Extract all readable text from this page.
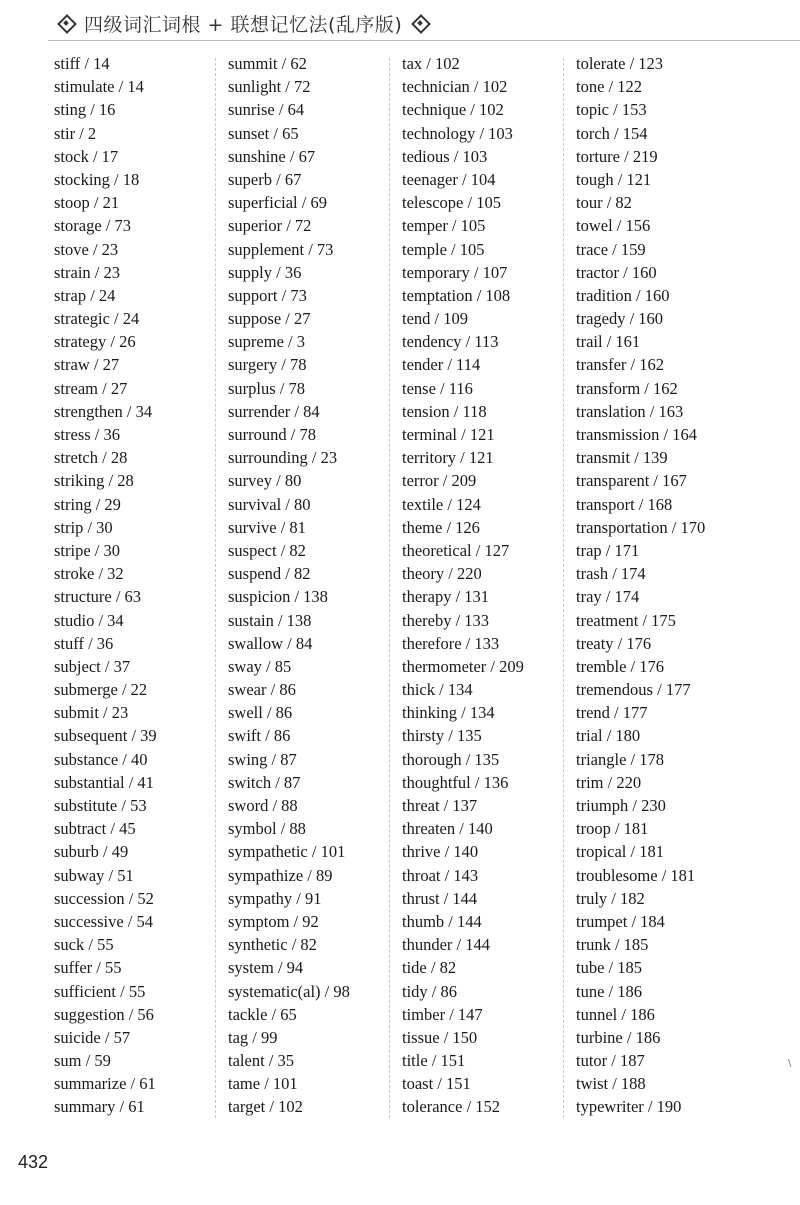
四级词汇词根 + 联想记忆法(乱序版)
stiff / 14
stimulate / 14
sting / 16
stir / 2
stock / 17
stocking / 18
stoop / 21
storage / 73
stove / 23
strain / 23
strap / 24
strategic / 24
strategy / 26
straw / 27
stream / 27
strengthen / 34
stress / 36
stretch / 28
striking / 28
string / 29
strip / 30
stripe / 30
stroke / 32
structure / 63
studio / 34
stuff / 36
subject / 37
submerge / 22
submit / 23
subsequent / 39
substance / 40
substantial / 41
substitute / 53
subtract / 45
suburb / 49
subway / 51
succession / 52
successive / 54
suck / 55
suffer / 55
sufficient / 55
suggestion / 56
suicide / 57
sum / 59
summarize / 61
summary / 61
summit / 62
sunlight / 72
sunrise / 64
sunset / 65
sunshine / 67
superb / 67
superficial / 69
superior / 72
supplement / 73
supply / 36
support / 73
suppose / 27
supreme / 3
surgery / 78
surplus / 78
surrender / 84
surround / 78
surrounding / 23
survey / 80
survival / 80
survive / 81
suspect / 82
suspend / 82
suspicion / 138
sustain / 138
swallow / 84
sway / 85
swear / 86
swell / 86
swift / 86
swing / 87
switch / 87
sword / 88
symbol / 88
sympathetic / 101
sympathize / 89
sympathy / 91
symptom / 92
synthetic / 82
system / 94
systematic(al) / 98
tackle / 65
tag / 99
talent / 35
tame / 101
target / 102
tax / 102
technician / 102
technique / 102
technology / 103
tedious / 103
teenager / 104
telescope / 105
temper / 105
temple / 105
temporary / 107
temptation / 108
tend / 109
tendency / 113
tender / 114
tense / 116
tension / 118
terminal / 121
territory / 121
terror / 209
textile / 124
theme / 126
theoretical / 127
theory / 220
therapy / 131
thereby / 133
therefore / 133
thermometer / 209
thick / 134
thinking / 134
thirsty / 135
thorough / 135
thoughtful / 136
threat / 137
threaten / 140
thrive / 140
throat / 143
thrust / 144
thumb / 144
thunder / 144
tide / 82
tidy / 86
timber / 147
tissue / 150
title / 151
toast / 151
tolerance / 152
tolerate / 123
tone / 122
topic / 153
torch / 154
torture / 219
tough / 121
tour / 82
towel / 156
trace / 159
tractor / 160
tradition / 160
tragedy / 160
trail / 161
transfer / 162
transform / 162
translation / 163
transmission / 164
transmit / 139
transparent / 167
transport / 168
transportation / 170
trap / 171
trash / 174
tray / 174
treatment / 175
treaty / 176
tremble / 176
tremendous / 177
trend / 177
trial / 180
triangle / 178
trim / 220
triumph / 230
troop / 181
tropical / 181
troublesome / 181
truly / 182
trumpet / 184
trunk / 185
tube / 185
tune / 186
tunnel / 186
turbine / 186
tutor / 187
twist / 188
typewriter / 190
432
\
